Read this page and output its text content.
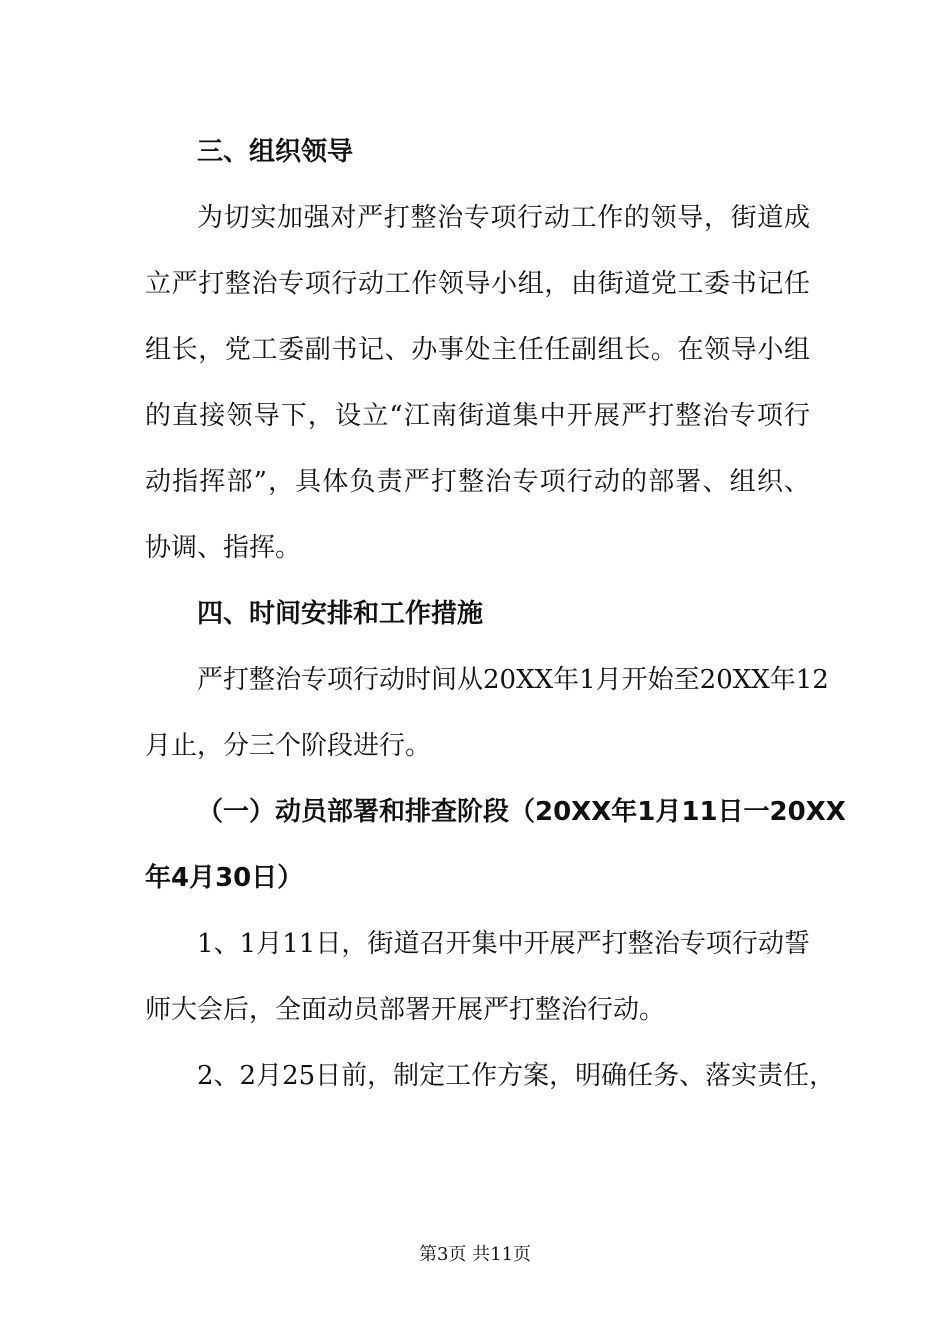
三、组织领导
为切实加强对严打整治专项行动工作的领导，街道成
立严打整治专项行动工作领导小组，由街道党工委书记任
组长，党工委副书记、办事处主任任副组长。在领导小组
的直接领导下，设立“江南街道集中开展严打整治专项行
动指挥部”，具体负责严打整治专项行动的部署、组织、
协调、指挥。
四、时间安排和工作措施
严打整治专项行动时间从20XX年1月开始至20XX年12
月止，分三个阶段进行。
（一）动员部署和排查阶段（20XX年1月11日一20XX
年4月30日）
1、1月11日，街道召开集中开展严打整治专项行动誓
师大会后，全面动员部署开展严打整治行动。
2、2月25日前，制定工作方案，明确任务、落实责任，
第3页 共11页
